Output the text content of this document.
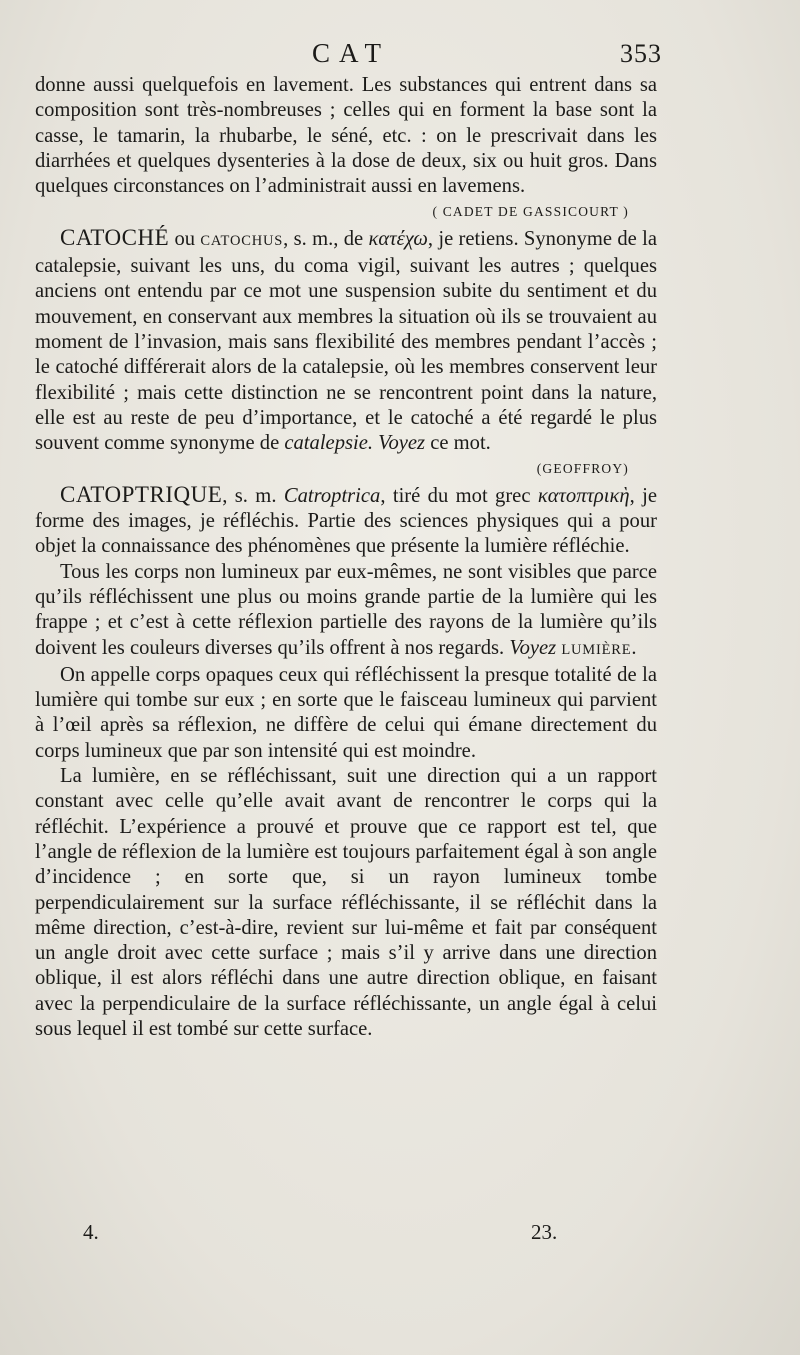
CAT	353

donne aussi quelquefois en lavement. Les substances qui entrent dans sa composition sont très-nombreuses ; celles qui en forment la base sont la casse, le tamarin, la rhubarbe, le séné, etc. : on le prescrivait dans les diarrhées et quelques dysenteries à la dose de deux, six ou huit gros. Dans quelques circonstances on l’administrait aussi en lavemens.

( CADET DE GASSICOURT )

CATOCHÉ ou CATOCHUS, s. m., de κατέχω, je retiens. Synonyme de la catalepsie, suivant les uns, du coma vigil, suivant les autres ; quelques anciens ont entendu par ce mot une suspension subite du sentiment et du mouvement, en conservant aux membres la situation où ils se trouvaient au moment de l’invasion, mais sans flexibilité des membres pendant l’accès ; le catoché différerait alors de la catalepsie, où les membres conservent leur flexibilité ; mais cette distinction ne se rencontrent point dans la nature, elle est au reste de peu d’importance, et le catoché a été regardé le plus souvent comme synonyme de catalepsie. Voyez ce mot.

(GEOFFROY)

CATOPTRIQUE, s. m. Catroptrica, tiré du mot grec κατοπτρικὴ, je forme des images, je réfléchis. Partie des sciences physiques qui a pour objet la connaissance des phénomènes que présente la lumière réfléchie.

Tous les corps non lumineux par eux-mêmes, ne sont visibles que parce qu’ils réfléchissent une plus ou moins grande partie de la lumière qui les frappe ; et c’est à cette réflexion partielle des rayons de la lumière qu’ils doivent les couleurs diverses qu’ils offrent à nos regards. Voyez LUMIÈRE.

On appelle corps opaques ceux qui réfléchissent la presque totalité de la lumière qui tombe sur eux ; en sorte que le faisceau lumineux qui parvient à l’œil après sa réflexion, ne diffère de celui qui émane directement du corps lumineux que par son intensité qui est moindre.

La lumière, en se réfléchissant, suit une direction qui a un rapport constant avec celle qu’elle avait avant de rencontrer le corps qui la réfléchit. L’expérience a prouvé et prouve que ce rapport est tel, que l’angle de réflexion de la lumière est toujours parfaitement égal à son angle d’incidence ; en sorte que, si un rayon lumineux tombe perpendiculairement sur la surface réfléchissante, il se réfléchit dans la même direction, c’est-à-dire, revient sur lui-même et fait par conséquent un angle droit avec cette surface ; mais s’il y arrive dans une direction oblique, il est alors réfléchi dans une autre direction oblique, en faisant avec la perpendiculaire de la surface réfléchissante, un angle égal à celui sous lequel il est tombé sur cette surface.

4.	23.
